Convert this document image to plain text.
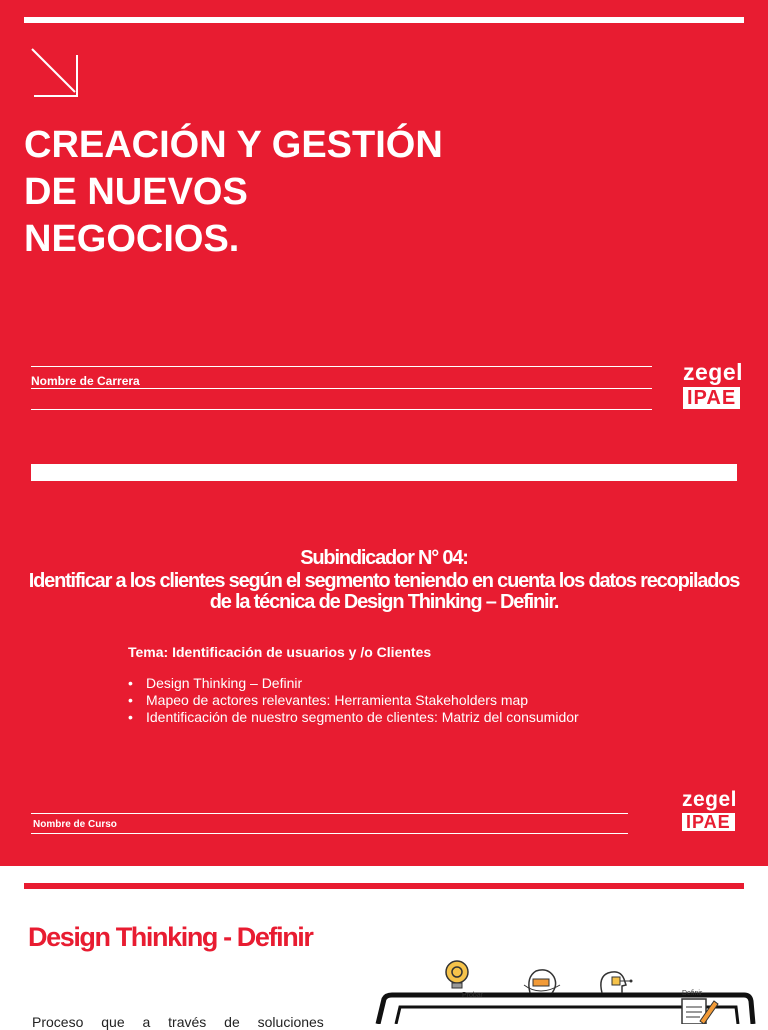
CREACIÓN Y GESTIÓN
DE NUEVOS
NEGOCIOS.
Nombre de Carrera	zegel
IPAE
Subindicador N° 04:
Identificar a los clientes según el segmento teniendo en cuenta los datos recopilados
de la técnica de Design Thinking – Definir.
Tema: Identificación de usuarios y /o Clientes
• Design Thinking – Definir
• Mapeo de actores relevantes: Herramienta Stakeholders map
• Identificación de nuestro segmento de clientes: Matriz del consumidor
Nombre de Curso
zegel
IPAE
Design Thinking - Definir
Proceso que a través de soluciones
Probar	Definir
